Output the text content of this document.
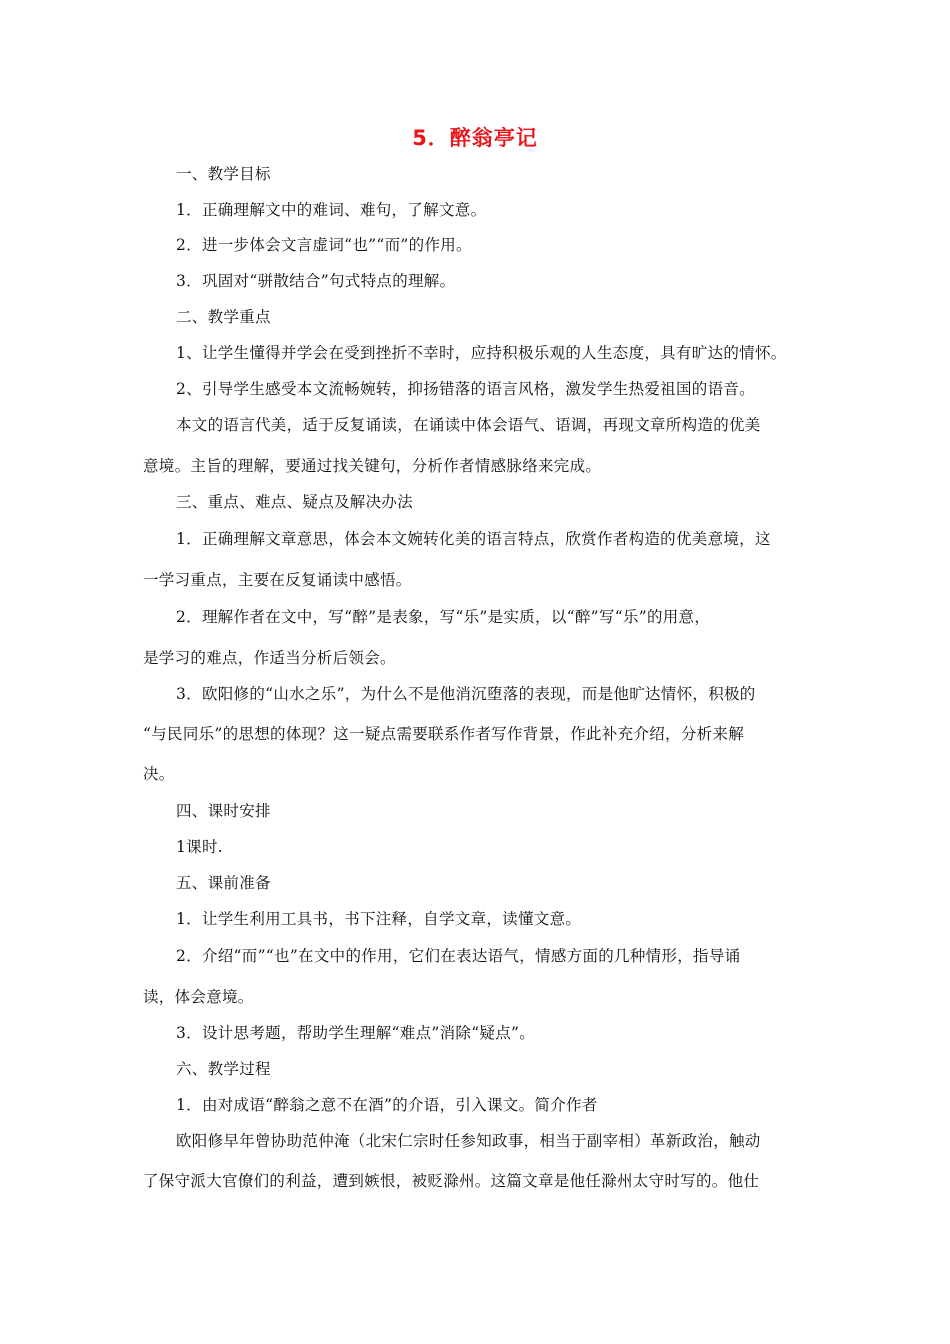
5．醉翁亭记
一、教学目标
1．正确理解文中的难词、难句，了解文意。
2．进一步体会文言虚词“也”“而”的作用。
3．巩固对“骈散结合”句式特点的理解。
二、教学重点
1、让学生懂得并学会在受到挫折不幸时，应持积极乐观的人生态度，具有旷达的情怀。
2、引导学生感受本文流畅婉转，抑扬错落的语言风格，激发学生热爱祖国的语音。
本文的语言代美，适于反复诵读，在诵读中体会语气、语调，再现文章所构造的优美
意境。主旨的理解，要通过找关键句，分析作者情感脉络来完成。
三、重点、难点、疑点及解决办法
1．正确理解文章意思，体会本文婉转化美的语言特点，欣赏作者构造的优美意境，这
一学习重点，主要在反复诵读中感悟。
2．理解作者在文中，写“醉”是表象，写“乐”是实质，以“醉”写“乐”的用意，
是学习的难点，作适当分析后领会。
3．欧阳修的“山水之乐”，为什么不是他消沉堕落的表现，而是他旷达情怀，积极的
“与民同乐”的思想的体现？这一疑点需要联系作者写作背景，作此补充介绍，分析来解
决。
四、课时安排
1课时.
五、课前准备
1．让学生利用工具书，书下注释，自学文章，读懂文意。
2．介绍“而”“也”在文中的作用，它们在表达语气，情感方面的几种情形，指导诵
读，体会意境。
3．设计思考题，帮助学生理解“难点”消除“疑点”。
六、教学过程
1．由对成语“醉翁之意不在酒”的介语，引入课文。简介作者
欧阳修早年曾协助范仲淹（北宋仁宗时任参知政事，相当于副宰相）革新政治，触动
了保守派大官僚们的利益，遭到嫉恨，被贬滁州。这篇文章是他任滁州太守时写的。他仕
